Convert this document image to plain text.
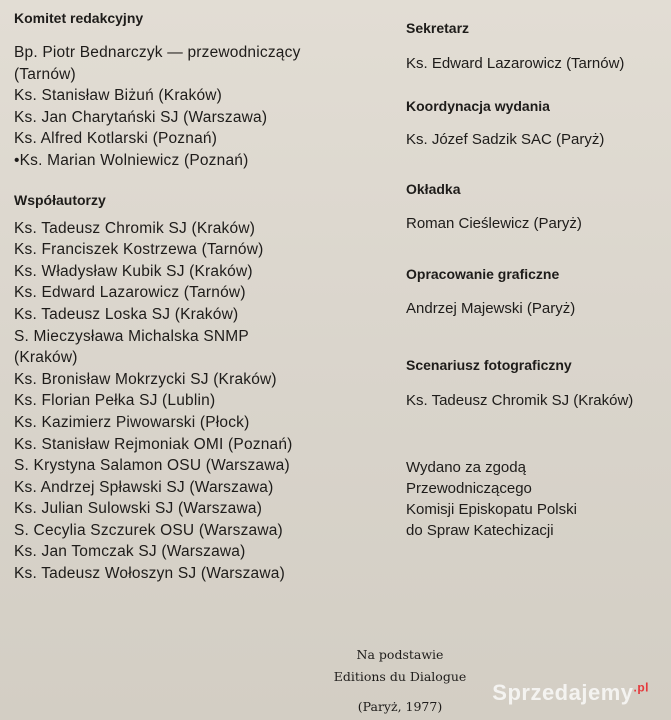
Komitet redakcyjny
Bp. Piotr Bednarczyk — przewodniczący
(Tarnów)
Ks. Stanisław Biżuń (Kraków)
Ks. Jan Charytański SJ (Warszawa)
Ks. Alfred Kotlarski (Poznań)
•Ks. Marian Wolniewicz (Poznań)
Współautorzy
Ks. Tadeusz Chromik SJ (Kraków)
Ks. Franciszek Kostrzewa (Tarnów)
Ks. Władysław Kubik SJ (Kraków)
Ks. Edward Lazarowicz (Tarnów)
Ks. Tadeusz Loska SJ (Kraków)
S. Mieczysława Michalska SNMP
(Kraków)
Ks. Bronisław Mokrzycki SJ (Kraków)
Ks. Florian Pełka SJ (Lublin)
Ks. Kazimierz Piwowarski (Płock)
Ks. Stanisław Rejmoniak OMI (Poznań)
S. Krystyna Salamon OSU (Warszawa)
Ks. Andrzej Spławski SJ (Warszawa)
Ks. Julian Sulowski SJ (Warszawa)
S. Cecylia Szczurek OSU (Warszawa)
Ks. Jan Tomczak SJ (Warszawa)
Ks. Tadeusz Wołoszyn SJ (Warszawa)
Sekretarz
Ks. Edward Lazarowicz (Tarnów)
Koordynacja wydania
Ks. Józef Sadzik SAC (Paryż)
Okładka
Roman Cieślewicz (Paryż)
Opracowanie graficzne
Andrzej Majewski (Paryż)
Scenariusz fotograficzny
Ks. Tadeusz Chromik SJ (Kraków)
Wydano za zgodą
Przewodniczącego
Komisji Episkopatu Polski
do Spraw Katechizacji
Na podstawie
Editions du Dialogue
(Paryż, 1977)
Sprzedajemy$^{.pl}$
